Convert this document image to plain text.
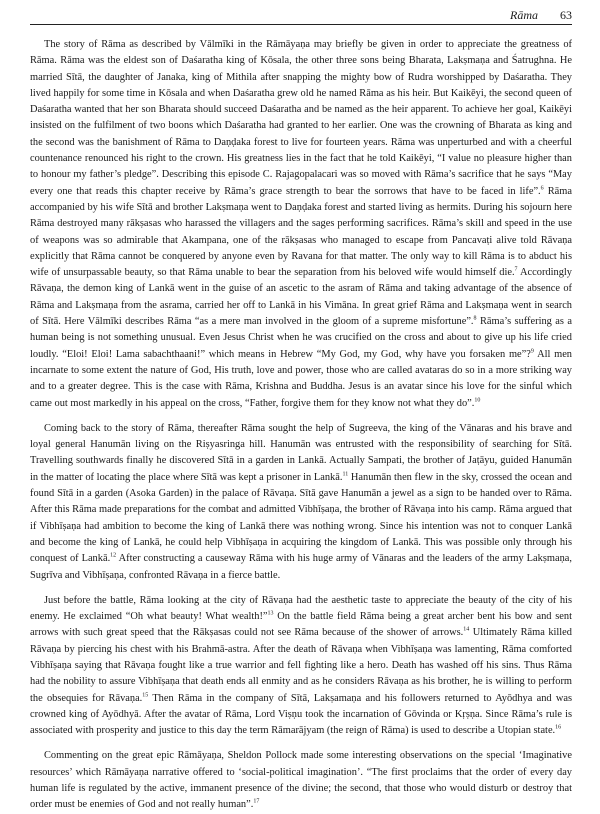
Rāma 63

The story of Rāma as described by Vālmīki in the Rāmāyaṇa may briefly be given in order to appreciate the greatness of Rāma. Rāma was the eldest son of Daśaratha king of Kōsala, the other three sons being Bharata, Lakṣmaṇa and Śatrughna. He married Sītā, the daughter of Janaka, king of Mithila after snapping the mighty bow of Rudra worshipped by Daśaratha. They lived happily for some time in Kōsala and when Daśaratha grew old he named Rāma as his heir. But Kaikēyi, the second queen of Daśaratha wanted that her son Bharata should succeed Daśaratha and be named as the heir apparent. To achieve her goal, Kaikēyi insisted on the fulfilment of two boons which Daśaratha had granted to her earlier. One was the crowning of Bharata as king and the second was the banishment of Rāma to Daṇḍaka forest to live for fourteen years. Rāma was unperturbed and with a cheerful countenance renounced his right to the crown. His greatness lies in the fact that he told Kaikēyi, “I value no pleasure higher than to honour my father’s pledge”. Describing this episode C. Rajagopalacari was so moved with Rāma’s sacrifice that he says “May every one that reads this chapter receive by Rāma’s grace strength to bear the sorrows that have to be faced in life”.$^6$ Rāma accompanied by his wife Sītā and brother Lakṣmaṇa went to Daṇḍaka forest and started living as hermits. During his sojourn here Rāma destroyed many rākṣasas who harassed the villagers and the sages performing sacrifices. Rāma’s skill and speed in the use of weapons was so admirable that Akampana, one of the rākṣasas who managed to escape from Pancavaṭi alive told Rāvaṇa explicitly that Rāma cannot be conquered by anyone even by Ravana for that matter. The only way to kill Rāma is to abduct his wife of unsurpassable beauty, so that Rāma unable to bear the separation from his beloved wife would himself die.$^7$ Accordingly Rāvaṇa, the demon king of Lankā went in the guise of an ascetic to the asram of Rāma and taking advantage of the absence of Rāma and Lakṣmaṇa from the asrama, carried her off to Lankā in his Vimāna. In great grief Rāma and Lakṣmaṇa went in search of Sītā. Here Vālmīki describes Rāma “as a mere man involved in the gloom of a supreme misfortune”.$^8$ Rāma’s suffering as a human being is not something unusual. Even Jesus Christ when he was crucified on the cross and about to give up his life cried loudly. “Eloi! Eloi! Lama sabachthaani!” which means in Hebrew “My God, my God, why have you forsaken me”?$^9$ All men incarnate to some extent the nature of God, His truth, love and power, those who are called avataras do so in a more striking way and to a greater degree. This is the case with Rāma, Krishna and Buddha. Jesus is an avatar since his love for the sinful which came out most markedly in his appeal on the cross, “Father, forgive them for they know not what they do”.$^{10}$

Coming back to the story of Rāma, thereafter Rāma sought the help of Sugreeva, the king of the Vānaras and his brave and loyal general Hanumān living on the Riṣyasringa hill. Hanumān was entrusted with the responsibility of searching for Sītā. Travelling southwards finally he discovered Sītā in a garden in Lankā. Actually Sampati, the brother of Jaṭāyu, guided Hanumān in the matter of locating the place where Sītā was kept a prisoner in Lankā.$^{11}$ Hanumān then flew in the sky, crossed the ocean and found Sītā in a garden (Asoka Garden) in the palace of Rāvaṇa. Sītā gave Hanumān a jewel as a sign to be handed over to Rāma. After this Rāma made preparations for the combat and admitted Vibhīṣaṇa, the brother of Rāvaṇa into his camp. Rāma argued that if Vibhīṣaṇa had ambition to become the king of Lankā there was nothing wrong. Since his intention was not to conquer Lankā and become the king of Lankā, he could help Vibhīṣaṇa in acquiring the kingdom of Lankā. This was possible only through his conquest of Lankā.$^{12}$ After constructing a causeway Rāma with his huge army of Vānaras and the leaders of the army Lakṣmaṇa, Sugrīva and Vibhīṣaṇa, confronted Rāvaṇa in a fierce battle.

Just before the battle, Rāma looking at the city of Rāvaṇa had the aesthetic taste to appreciate the beauty of the city of his enemy. He exclaimed “Oh what beauty! What wealth!”$^{13}$ On the battle field Rāma being a great archer bent his bow and sent arrows with such great speed that the Rākṣasas could not see Rāma because of the shower of arrows.$^{14}$ Ultimately Rāma killed Rāvaṇa by piercing his chest with his Brahmā-astra. After the death of Rāvaṇa when Vibhīṣaṇa was lamenting, Rāma comforted Vibhīṣaṇa saying that Rāvaṇa fought like a true warrior and fell fighting like a hero. Death has washed off his sins. Thus Rāma had the nobility to assure Vibhīṣaṇa that death ends all enmity and as he considers Rāvaṇa as his brother, he is willing to perform the obsequies for Rāvaṇa.$^{15}$ Then Rāma in the company of Sītā, Lakṣamaṇa and his followers returned to Ayōdhya and was crowned king of Ayōdhyā. After the avatar of Rāma, Lord Viṣṇu took the incarnation of Gōvinda or Kṛṣṇa. Since Rāma’s rule is associated with prosperity and justice to this day the term Rāmarājyam (the reign of Rāma) is used to describe a Utopian state.$^{16}$

Commenting on the great epic Rāmāyaṇa, Sheldon Pollock made some interesting observations on the special ‘Imaginative resources’ which Rāmāyaṇa narrative offered to ‘social-political imagination’. “The first proclaims that the order of every day human life is regulated by the active, immanent presence of the divine; the second, that those who would disturb or destroy that order must be enemies of God and not really human”.$^{17}$
